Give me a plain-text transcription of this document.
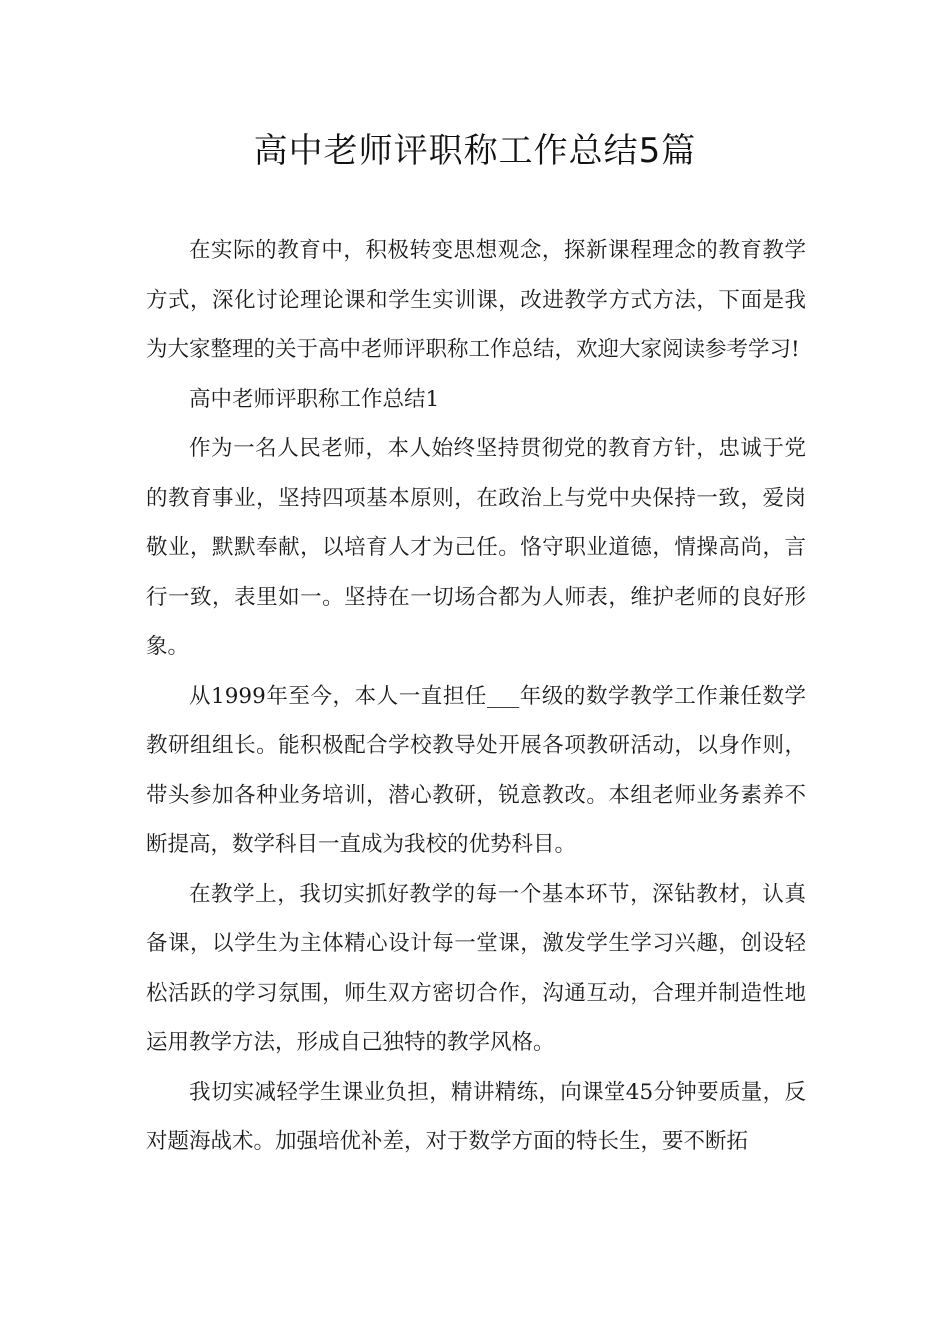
高中老师评职称工作总结5篇

在实际的教育中，积极转变思想观念，探新课程理念的教育教学方式，深化讨论理论课和学生实训课，改进教学方式方法，下面是我为大家整理的关于高中老师评职称工作总结，欢迎大家阅读参考学习!

高中老师评职称工作总结1

作为一名人民老师，本人始终坚持贯彻党的教育方针，忠诚于党的教育事业，坚持四项基本原则，在政治上与党中央保持一致，爱岗敬业，默默奉献，以培育人才为己任。恪守职业道德，情操高尚，言行一致，表里如一。坚持在一切场合都为人师表，维护老师的良好形象。

从1999年至今，本人一直担任___年级的数学教学工作兼任数学教研组组长。能积极配合学校教导处开展各项教研活动，以身作则，带头参加各种业务培训，潜心教研，锐意教改。本组老师业务素养不断提高，数学科目一直成为我校的优势科目。

在教学上，我切实抓好教学的每一个基本环节，深钻教材，认真备课，以学生为主体精心设计每一堂课，激发学生学习兴趣，创设轻松活跃的学习氛围，师生双方密切合作，沟通互动，合理并制造性地运用教学方法，形成自己独特的教学风格。

我切实减轻学生课业负担，精讲精练，向课堂45分钟要质量，反对题海战术。加强培优补差，对于数学方面的特长生，要不断拓
